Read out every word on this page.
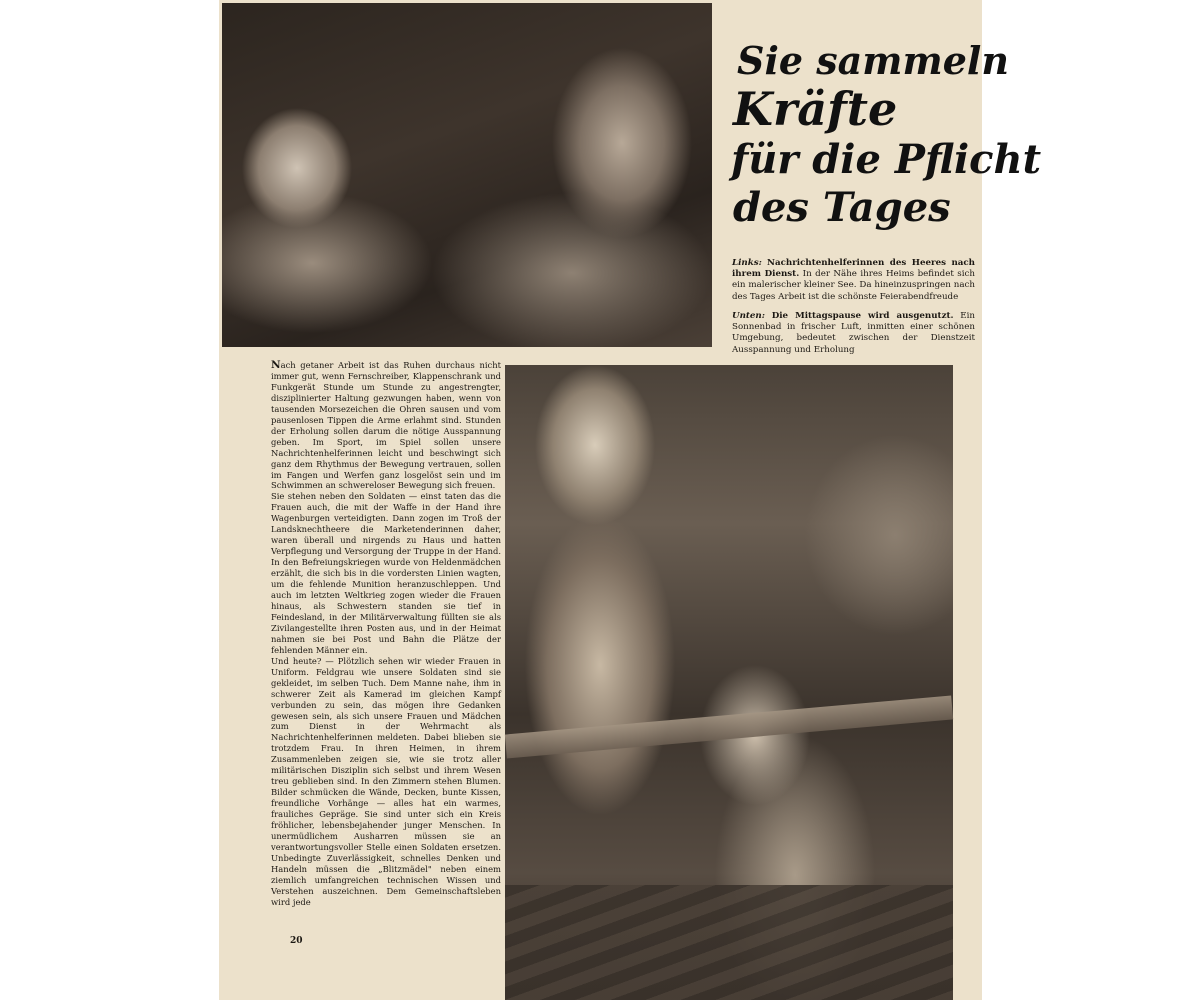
Sie sammeln
Kräfte
für die Pflicht
des Tages
Links: Nachrichtenhelferinnen des Heeres nach ihrem Dienst. In der Nähe ihres Heims befindet sich ein malerischer kleiner See. Da hineinzuspringen nach des Tages Arbeit ist die schönste Feierabendfreude
Unten: Die Mittagspause wird ausgenutzt. Ein Sonnenbad in frischer Luft, inmitten einer schönen Umgebung, bedeutet zwischen der Dienstzeit Ausspannung und Erholung

Nach getaner Arbeit ist das Ruhen durchaus nicht immer gut, wenn Fernschreiber, Klappenschrank und Funkgerät Stunde um Stunde zu angestrengter, disziplinierter Haltung gezwungen haben, wenn von tausenden Morsezeichen die Ohren sausen und vom pausenlosen Tippen die Arme erlahmt sind. Stunden der Erholung sollen darum die nötige Ausspannung geben. Im Sport, im Spiel sollen unsere Nachrichtenhelferinnen leicht und beschwingt sich ganz dem Rhythmus der Bewegung vertrauen, sollen im Fangen und Werfen ganz losgelöst sein und im Schwimmen an schwereloser Bewegung sich freuen.

Sie stehen neben den Soldaten — einst taten das die Frauen auch, die mit der Waffe in der Hand ihre Wagenburgen verteidigten. Dann zogen im Troß der Landsknechtheere die Marketenderinnen daher, waren überall und nirgends zu Haus und hatten Verpflegung und Versorgung der Truppe in der Hand. In den Befreiungskriegen wurde von Heldenmädchen erzählt, die sich bis in die vordersten Linien wagten, um die fehlende Munition heranzuschleppen. Und auch im letzten Weltkrieg zogen wieder die Frauen hinaus, als Schwestern standen sie tief in Feindesland, in der Militärverwaltung füllten sie als Zivilangestellte ihren Posten aus, und in der Heimat nahmen sie bei Post und Bahn die Plätze der fehlenden Männer ein.

Und heute? — Plötzlich sehen wir wieder Frauen in Uniform. Feldgrau wie unsere Soldaten sind sie gekleidet, im selben Tuch. Dem Manne nahe, ihm in schwerer Zeit als Kamerad im gleichen Kampf verbunden zu sein, das mögen ihre Gedanken gewesen sein, als sich unsere Frauen und Mädchen zum Dienst in der Wehrmacht als Nachrichtenhelferinnen meldeten. Dabei blieben sie trotzdem Frau. In ihren Heimen, in ihrem Zusammenleben zeigen sie, wie sie trotz aller militärischen Disziplin sich selbst und ihrem Wesen treu geblieben sind. In den Zimmern stehen Blumen. Bilder schmücken die Wände, Decken, bunte Kissen, freundliche Vorhänge — alles hat ein warmes, frauliches Gepräge. Sie sind unter sich ein Kreis fröhlicher, lebensbejahender junger Menschen. In unermüdlichem Ausharren müssen sie an verantwortungsvoller Stelle einen Soldaten ersetzen. Unbedingte Zuverlässigkeit, schnelles Denken und Handeln müssen die „Blitzmädel" neben einem ziemlich umfangreichen technischen Wissen und Verstehen auszeichnen. Dem Gemeinschaftsleben wird jede

20
